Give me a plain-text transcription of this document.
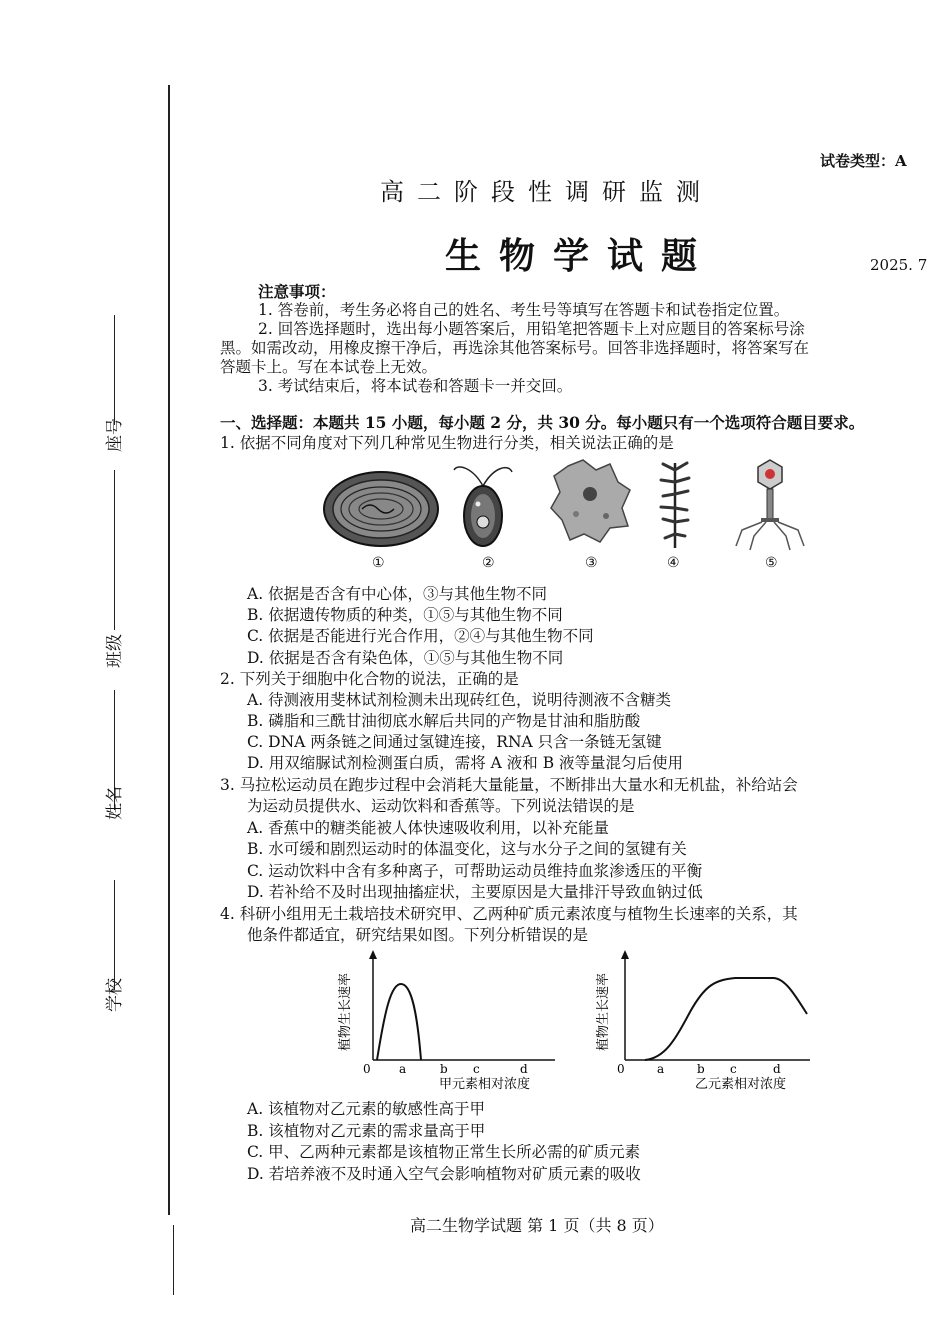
座号
班级
姓名
学校
试卷类型：A
高二阶段性调研监测
生物学试题	2025. 7
注意事项：
1. 答卷前，考生务必将自己的姓名、考生号等填写在答题卡和试卷指定位置。
2. 回答选择题时，选出每小题答案后，用铅笔把答题卡上对应题目的答案标号涂
黑。如需改动，用橡皮擦干净后，再选涂其他答案标号。回答非选择题时，将答案写在
答题卡上。写在本试卷上无效。
3. 考试结束后，将本试卷和答题卡一并交回。
一、选择题：本题共 15 小题，每小题 2 分，共 30 分。每小题只有一个选项符合题目要求。
1. 依据不同角度对下列几种常见生物进行分类，相关说法正确的是
①	②	③	④	⑤
A. 依据是否含有中心体，③与其他生物不同
B. 依据遗传物质的种类，①⑤与其他生物不同
C. 依据是否能进行光合作用，②④与其他生物不同
D. 依据是否含有染色体，①⑤与其他生物不同
2. 下列关于细胞中化合物的说法，正确的是
A. 待测液用斐林试剂检测未出现砖红色，说明待测液不含糖类
B. 磷脂和三酰甘油彻底水解后共同的产物是甘油和脂肪酸
C. DNA 两条链之间通过氢键连接，RNA 只含一条链无氢键
D. 用双缩脲试剂检测蛋白质，需将 A 液和 B 液等量混匀后使用
3. 马拉松运动员在跑步过程中会消耗大量能量，不断排出大量水和无机盐，补给站会
为运动员提供水、运动饮料和香蕉等。下列说法错误的是
A. 香蕉中的糖类能被人体快速吸收利用，以补充能量
B. 水可缓和剧烈运动时的体温变化，这与水分子之间的氢键有关
C. 运动饮料中含有多种离子，可帮助运动员维持血浆渗透压的平衡
D. 若补给不及时出现抽搐症状，主要原因是大量排汗导致血钠过低
4. 科研小组用无土栽培技术研究甲、乙两种矿质元素浓度与植物生长速率的关系，其
他条件都适宜，研究结果如图。下列分析错误的是
植物生长速率
0 a	b c	d
甲元素相对浓度
植物生长速率
0	a	b c	d
乙元素相对浓度
A. 该植物对乙元素的敏感性高于甲
B. 该植物对乙元素的需求量高于甲
C. 甲、乙两种元素都是该植物正常生长所必需的矿质元素
D. 若培养液不及时通入空气会影响植物对矿质元素的吸收
高二生物学试题 第 1 页（共 8 页）
